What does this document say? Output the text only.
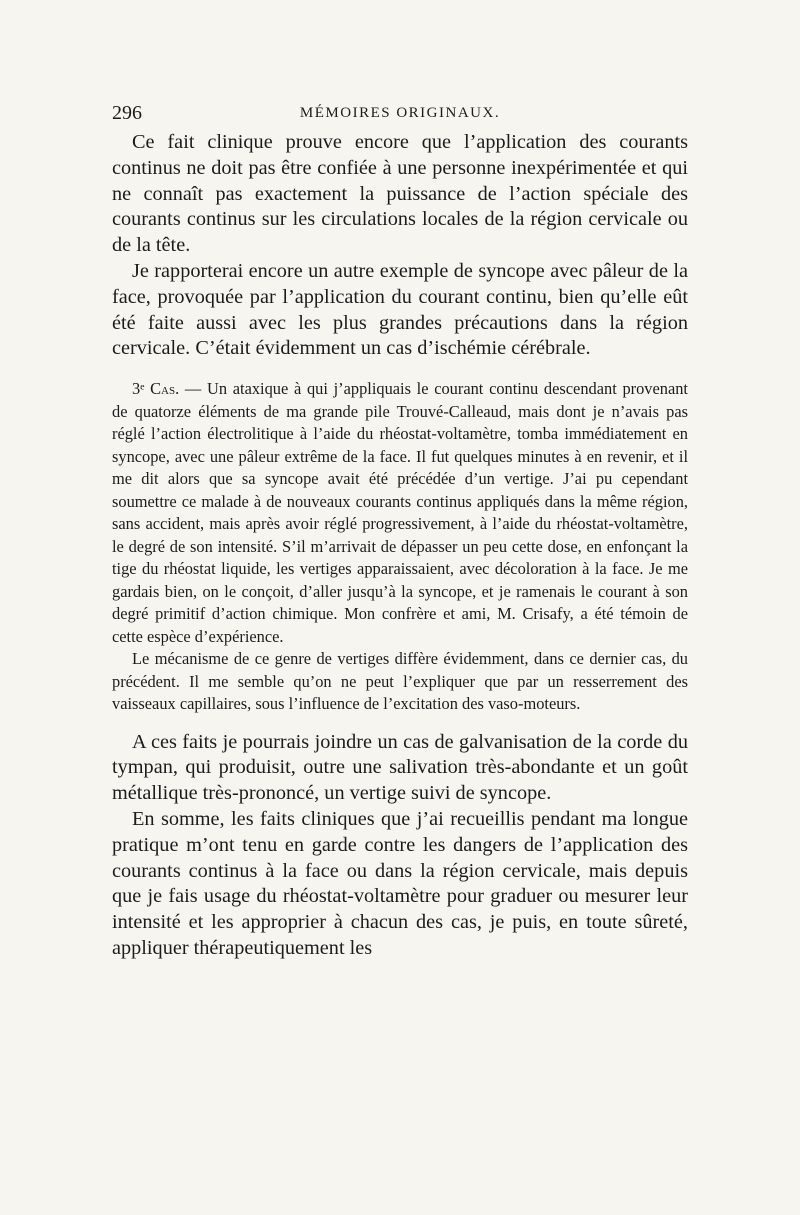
296	MÉMOIRES ORIGINAUX.

Ce fait clinique prouve encore que l’application des courants continus ne doit pas être confiée à une personne inexpérimentée et qui ne connaît pas exactement la puissance de l’action spéciale des courants continus sur les circulations locales de la région cervicale ou de la tête.

Je rapporterai encore un autre exemple de syncope avec pâleur de la face, provoquée par l’application du courant continu, bien qu’elle eût été faite aussi avec les plus grandes précautions dans la région cervicale. C’était évidemment un cas d’ischémie cérébrale.

3ᵉ Cas. — Un ataxique à qui j’appliquais le courant continu descendant provenant de quatorze éléments de ma grande pile Trouvé-Calleaud, mais dont je n’avais pas réglé l’action électrolitique à l’aide du rhéostat-voltamètre, tomba immédiatement en syncope, avec une pâleur extrême de la face. Il fut quelques minutes à en revenir, et il me dit alors que sa syncope avait été précédée d’un vertige. J’ai pu cependant soumettre ce malade à de nouveaux courants continus appliqués dans la même région, sans accident, mais après avoir réglé progressivement, à l’aide du rhéostat-voltamètre, le degré de son intensité. S’il m’arrivait de dépasser un peu cette dose, en enfonçant la tige du rhéostat liquide, les vertiges apparaissaient, avec décoloration à la face. Je me gardais bien, on le conçoit, d’aller jusqu’à la syncope, et je ramenais le courant à son degré primitif d’action chimique. Mon confrère et ami, M. Crisafy, a été témoin de cette espèce d’expérience.

Le mécanisme de ce genre de vertiges diffère évidemment, dans ce dernier cas, du précédent. Il me semble qu’on ne peut l’expliquer que par un resserrement des vaisseaux capillaires, sous l’influence de l’excitation des vaso-moteurs.

A ces faits je pourrais joindre un cas de galvanisation de la corde du tympan, qui produisit, outre une salivation très-abondante et un goût métallique très-prononcé, un vertige suivi de syncope.

En somme, les faits cliniques que j’ai recueillis pendant ma longue pratique m’ont tenu en garde contre les dangers de l’application des courants continus à la face ou dans la région cervicale, mais depuis que je fais usage du rhéostat-voltamètre pour graduer ou mesurer leur intensité et les approprier à chacun des cas, je puis, en toute sûreté, appliquer thérapeutiquement les
